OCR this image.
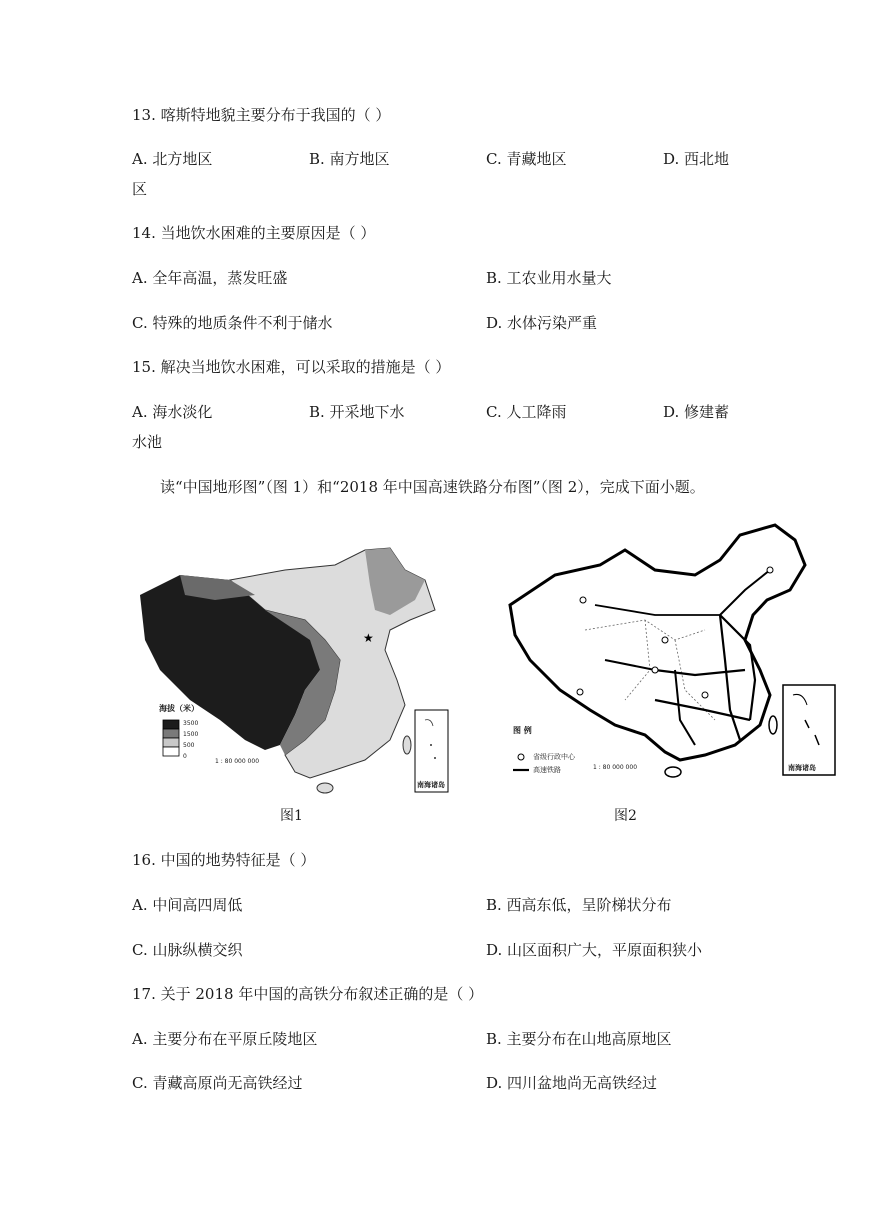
13. 喀斯特地貌主要分布于我国的（ ）
A. 北方地区	B. 南方地区	C. 青藏地区	D. 西北地
区
14. 当地饮水困难的主要原因是（ ）
A. 全年高温，蒸发旺盛	B. 工农业用水量大
C. 特殊的地质条件不利于储水	D. 水体污染严重
15. 解决当地饮水困难，可以采取的措施是（ ）
A. 海水淡化	B. 开采地下水	C. 人工降雨	D. 修建蓄
水池
读“中国地形图”（图 1）和“2018 年中国高速铁路分布图”（图 2），完成下面小题。
★
海拔（米）
3500
1500
500
0
1 : 80 000 000
南海诸岛
图1
图 例
省级行政中心
高速铁路	1 : 80 000 000	南海诸岛
图2
16. 中国的地势特征是（ ）
A. 中间高四周低	B. 西高东低，呈阶梯状分布
C. 山脉纵横交织	D. 山区面积广大，平原面积狭小
17. 关于 2018 年中国的高铁分布叙述正确的是（ ）
A. 主要分布在平原丘陵地区	B. 主要分布在山地高原地区
C. 青藏高原尚无高铁经过	D. 四川盆地尚无高铁经过
